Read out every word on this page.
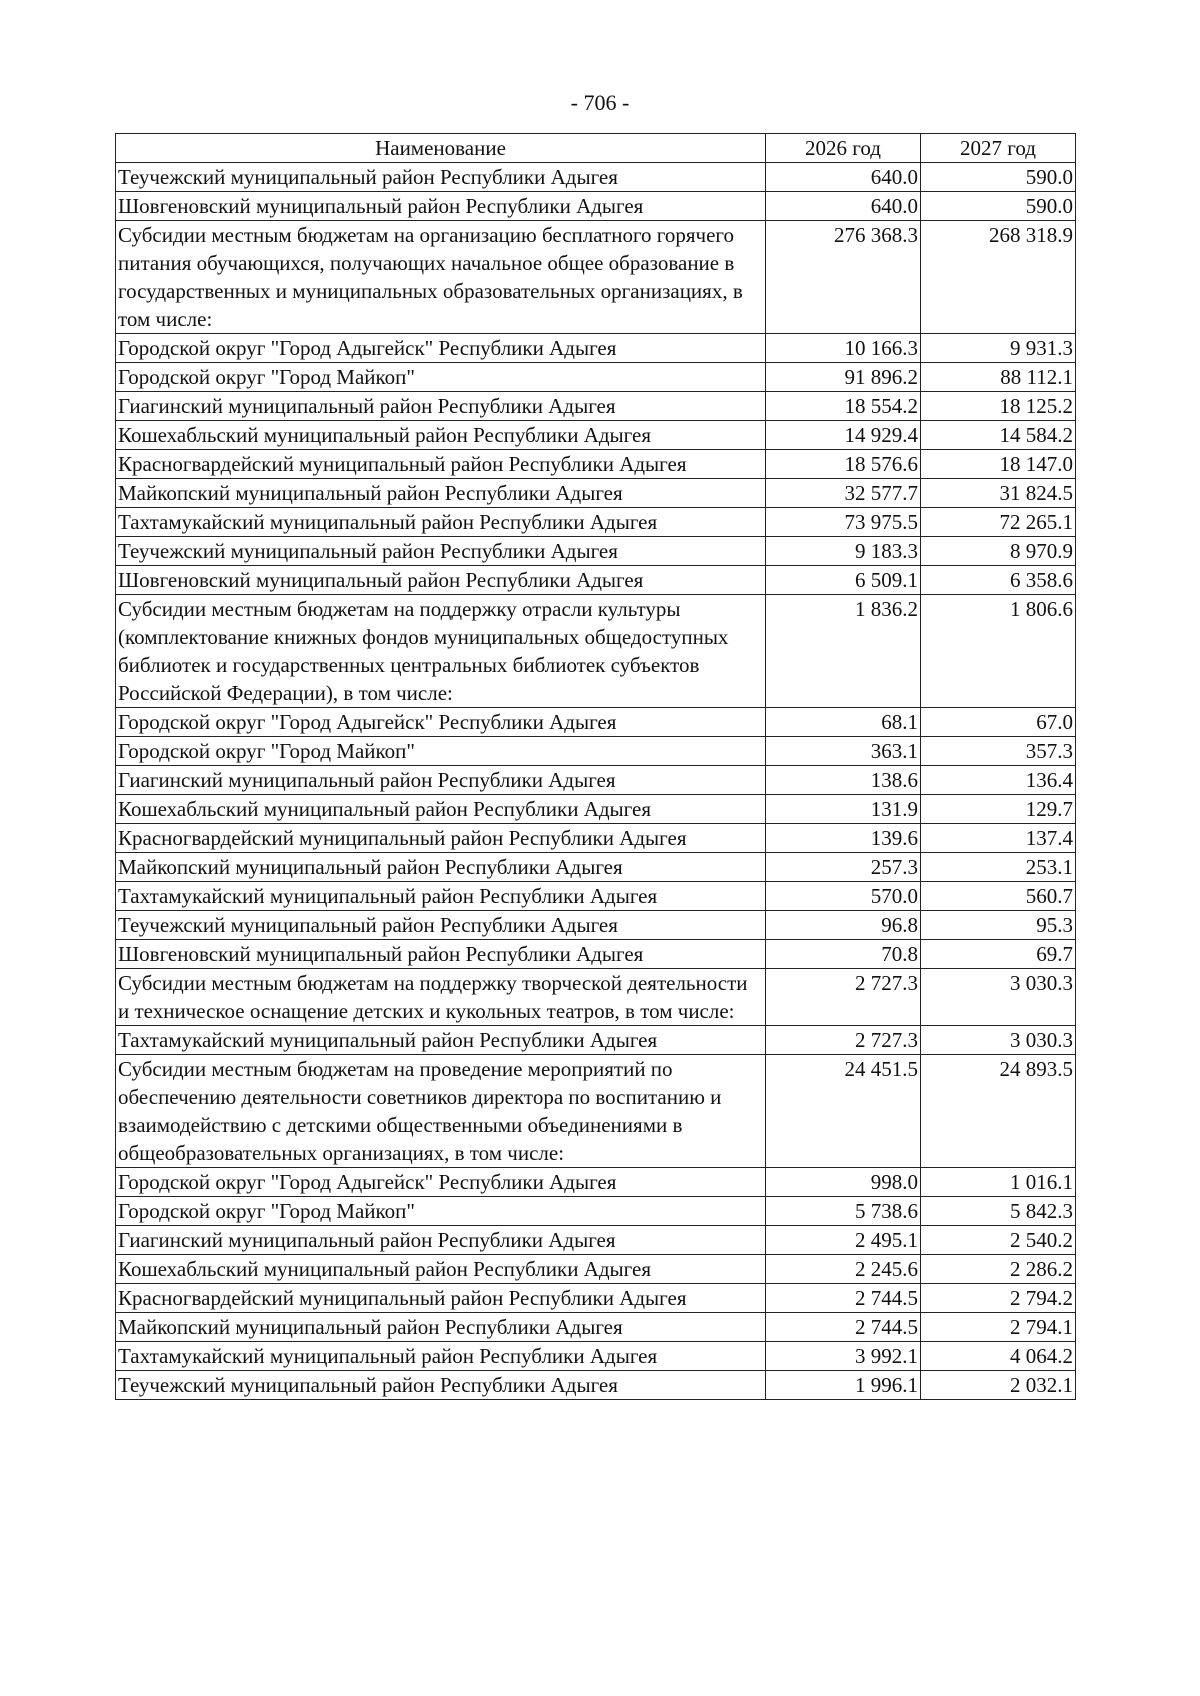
- 706 -
Наименование	2026 год	2027 год
Теучежский муниципальный район Республики Адыгея	640.0	590.0
Шовгеновский муниципальный район Республики Адыгея	640.0	590.0
Субсидии местным бюджетам на организацию бесплатного горячего питания обучающихся, получающих начальное общее образование в государственных и муниципальных образовательных организациях, в том числе:	276 368.3	268 318.9
Городской округ "Город Адыгейск" Республики Адыгея	10 166.3	9 931.3
Городской округ "Город Майкоп"	91 896.2	88 112.1
Гиагинский муниципальный район Республики Адыгея	18 554.2	18 125.2
Кошехабльский муниципальный район Республики Адыгея	14 929.4	14 584.2
Красногвардейский муниципальный район Республики Адыгея	18 576.6	18 147.0
Майкопский муниципальный район Республики Адыгея	32 577.7	31 824.5
Тахтамукайский муниципальный район Республики Адыгея	73 975.5	72 265.1
Теучежский муниципальный район Республики Адыгея	9 183.3	8 970.9
Шовгеновский муниципальный район Республики Адыгея	6 509.1	6 358.6
Субсидии местным бюджетам на поддержку отрасли культуры (комплектование книжных фондов муниципальных общедоступных библиотек и государственных центральных библиотек субъектов Российской Федерации), в том числе:	1 836.2	1 806.6
Городской округ "Город Адыгейск" Республики Адыгея	68.1	67.0
Городской округ "Город Майкоп"	363.1	357.3
Гиагинский муниципальный район Республики Адыгея	138.6	136.4
Кошехабльский муниципальный район Республики Адыгея	131.9	129.7
Красногвардейский муниципальный район Республики Адыгея	139.6	137.4
Майкопский муниципальный район Республики Адыгея	257.3	253.1
Тахтамукайский муниципальный район Республики Адыгея	570.0	560.7
Теучежский муниципальный район Республики Адыгея	96.8	95.3
Шовгеновский муниципальный район Республики Адыгея	70.8	69.7
Субсидии местным бюджетам на поддержку творческой деятельности и техническое оснащение детских и кукольных театров, в том числе:	2 727.3	3 030.3
Тахтамукайский муниципальный район Республики Адыгея	2 727.3	3 030.3
Субсидии местным бюджетам на проведение мероприятий по обеспечению деятельности советников директора по воспитанию и взаимодействию с детскими общественными объединениями в общеобразовательных организациях, в том числе:	24 451.5	24 893.5
Городской округ "Город Адыгейск" Республики Адыгея	998.0	1 016.1
Городской округ "Город Майкоп"	5 738.6	5 842.3
Гиагинский муниципальный район Республики Адыгея	2 495.1	2 540.2
Кошехабльский муниципальный район Республики Адыгея	2 245.6	2 286.2
Красногвардейский муниципальный район Республики Адыгея	2 744.5	2 794.2
Майкопский муниципальный район Республики Адыгея	2 744.5	2 794.1
Тахтамукайский муниципальный район Республики Адыгея	3 992.1	4 064.2
Теучежский муниципальный район Республики Адыгея	1 996.1	2 032.1
